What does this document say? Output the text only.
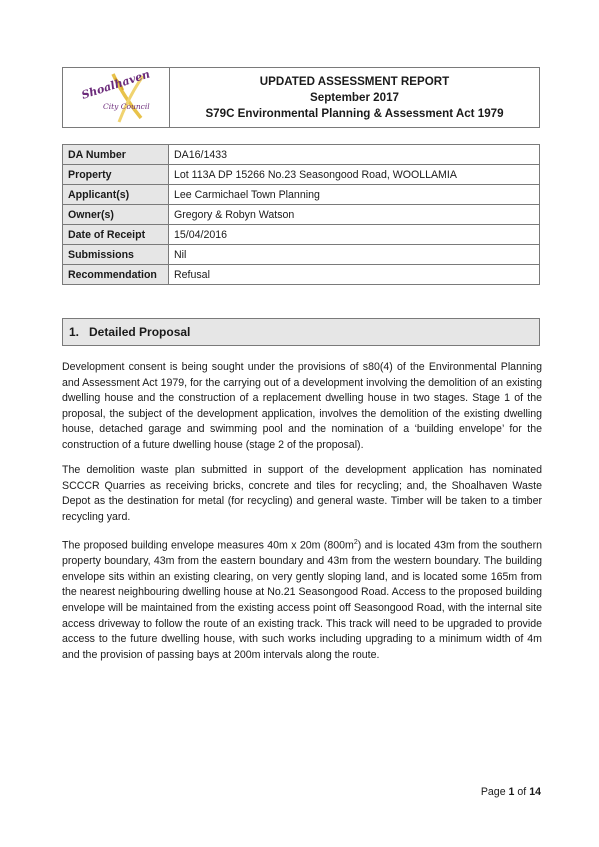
Shoalhaven
City Council
UPDATED ASSESSMENT REPORT
September 2017
S79C Environmental Planning & Assessment Act 1979
DA Number	DA16/1433
Property	Lot 113A DP 15266 No.23 Seasongood Road, WOOLLAMIA
Applicant(s)	Lee Carmichael Town Planning
Owner(s)	Gregory & Robyn Watson
Date of Receipt	15/04/2016
Submissions	Nil
Recommendation	Refusal
1. Detailed Proposal

Development consent is being sought under the provisions of s80(4) of the Environmental Planning and Assessment Act 1979, for the carrying out of a development involving the demolition of an existing dwelling house and the construction of a replacement dwelling house in two stages. Stage 1 of the proposal, the subject of the development application, involves the demolition of the existing dwelling house, detached garage and swimming pool and the nomination of a ‘building envelope’ for the construction of a future dwelling house (stage 2 of the proposal).

The demolition waste plan submitted in support of the development application has nominated SCCCR Quarries as receiving bricks, concrete and tiles for recycling; and, the Shoalhaven Waste Depot as the destination for metal (for recycling) and general waste. Timber will be taken to a timber recycling yard.

The proposed building envelope measures 40m x 20m $(800m^2)$ and is located 43m from the southern property boundary, 43m from the eastern boundary and 43m from the western boundary. The building envelope sits within an existing clearing, on very gently sloping land, and is located some 165m from the nearest neighbouring dwelling house at No.21 Seasongood Road. Access to the proposed building envelope will be maintained from the existing access point off Seasongood Road, with the internal site access driveway to follow the route of an existing track. This track will need to be upgraded to provide access to the future dwelling house, with such works including upgrading to a minimum width of 4m and the provision of passing bays at 200m intervals along the route.

Page 1 of 14
